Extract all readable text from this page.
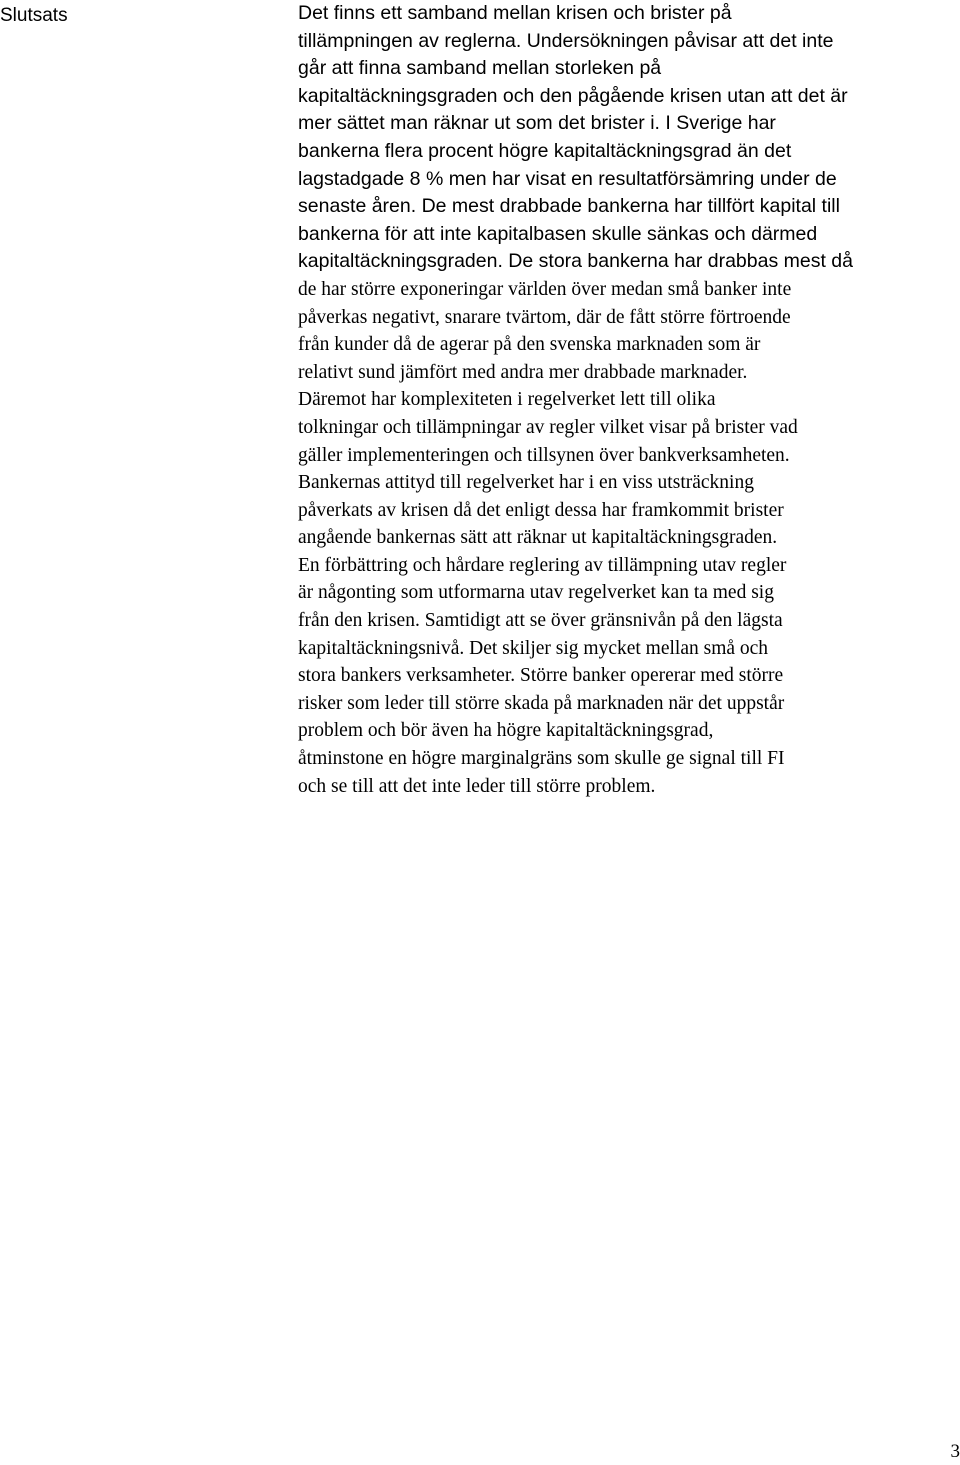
Slutsats	Det finns ett samband mellan krisen och brister på
tillämpningen av reglerna. Undersökningen påvisar att det inte
går att finna samband mellan storleken på
kapitaltäckningsgraden och den pågående krisen utan att det är
mer sättet man räknar ut som det brister i. I Sverige har
bankerna flera procent högre kapitaltäckningsgrad än det
lagstadgade 8 % men har visat en resultatförsämring under de
senaste åren. De mest drabbade bankerna har tillfört kapital till
bankerna för att inte kapitalbasen skulle sänkas och därmed
kapitaltäckningsgraden. De stora bankerna har drabbas mest då
de har större exponeringar världen över medan små banker inte
påverkas negativt, snarare tvärtom, där de fått större förtroende
från kunder då de agerar på den svenska marknaden som är
relativt sund jämfört med andra mer drabbade marknader.
Däremot har komplexiteten i regelverket lett till olika
tolkningar och tillämpningar av regler vilket visar på brister vad
gäller implementeringen och tillsynen över bankverksamheten.
Bankernas attityd till regelverket har i en viss utsträckning
påverkats av krisen då det enligt dessa har framkommit brister
angående bankernas sätt att räknar ut kapitaltäckningsgraden.
En förbättring och hårdare reglering av tillämpning utav regler
är någonting som utformarna utav regelverket kan ta med sig
från den krisen. Samtidigt att se över gränsnivån på den lägsta
kapitaltäckningsnivå. Det skiljer sig mycket mellan små och
stora bankers verksamheter. Större banker opererar med större
risker som leder till större skada på marknaden när det uppstår
problem och bör även ha högre kapitaltäckningsgrad,
åtminstone en högre marginalgräns som skulle ge signal till FI
och se till att det inte leder till större problem.
3
